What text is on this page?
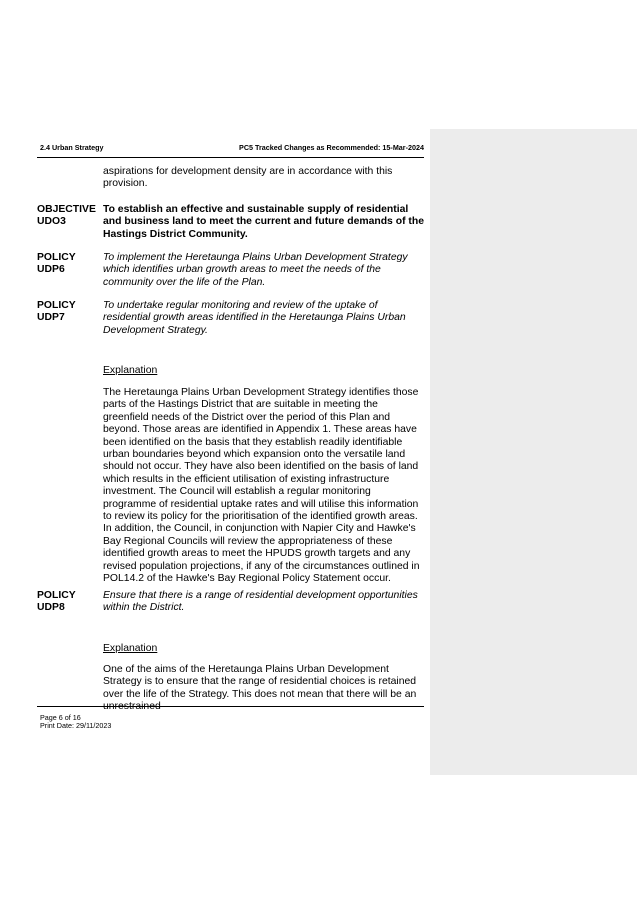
2.4 Urban Strategy	PC5 Tracked Changes as Recommended: 15-Mar-2024
aspirations for development density are in accordance with this provision.
OBJECTIVE UDO3
To establish an effective and sustainable supply of residential and business land to meet the current and future demands of the Hastings District Community.
POLICY UDP6
To implement the Heretaunga Plains Urban Development Strategy which identifies urban growth areas to meet the needs of the community over the life of the Plan.
POLICY UDP7
To undertake regular monitoring and review of the uptake of residential growth areas identified in the Heretaunga Plains Urban Development Strategy.
Explanation
The Heretaunga Plains Urban Development Strategy identifies those parts of the Hastings District that are suitable in meeting the greenfield needs of the District over the period of this Plan and beyond. Those areas are identified in Appendix 1. These areas have been identified on the basis that they establish readily identifiable urban boundaries beyond which expansion onto the versatile land should not occur. They have also been identified on the basis of land which results in the efficient utilisation of existing infrastructure investment. The Council will establish a regular monitoring programme of residential uptake rates and will utilise this information to review its policy for the prioritisation of the identified growth areas. In addition, the Council, in conjunction with Napier City and Hawke's Bay Regional Councils will review the appropriateness of these identified growth areas to meet the HPUDS growth targets and any revised population projections, if any of the circumstances outlined in POL14.2 of the Hawke's Bay Regional Policy Statement occur.
POLICY UDP8
Ensure that there is a range of residential development opportunities within the District.
Explanation
One of the aims of the Heretaunga Plains Urban Development Strategy is to ensure that the range of residential choices is retained over the life of the Strategy. This does not mean that there will be an unrestrained
Page 6 of 16
Print Date: 29/11/2023
